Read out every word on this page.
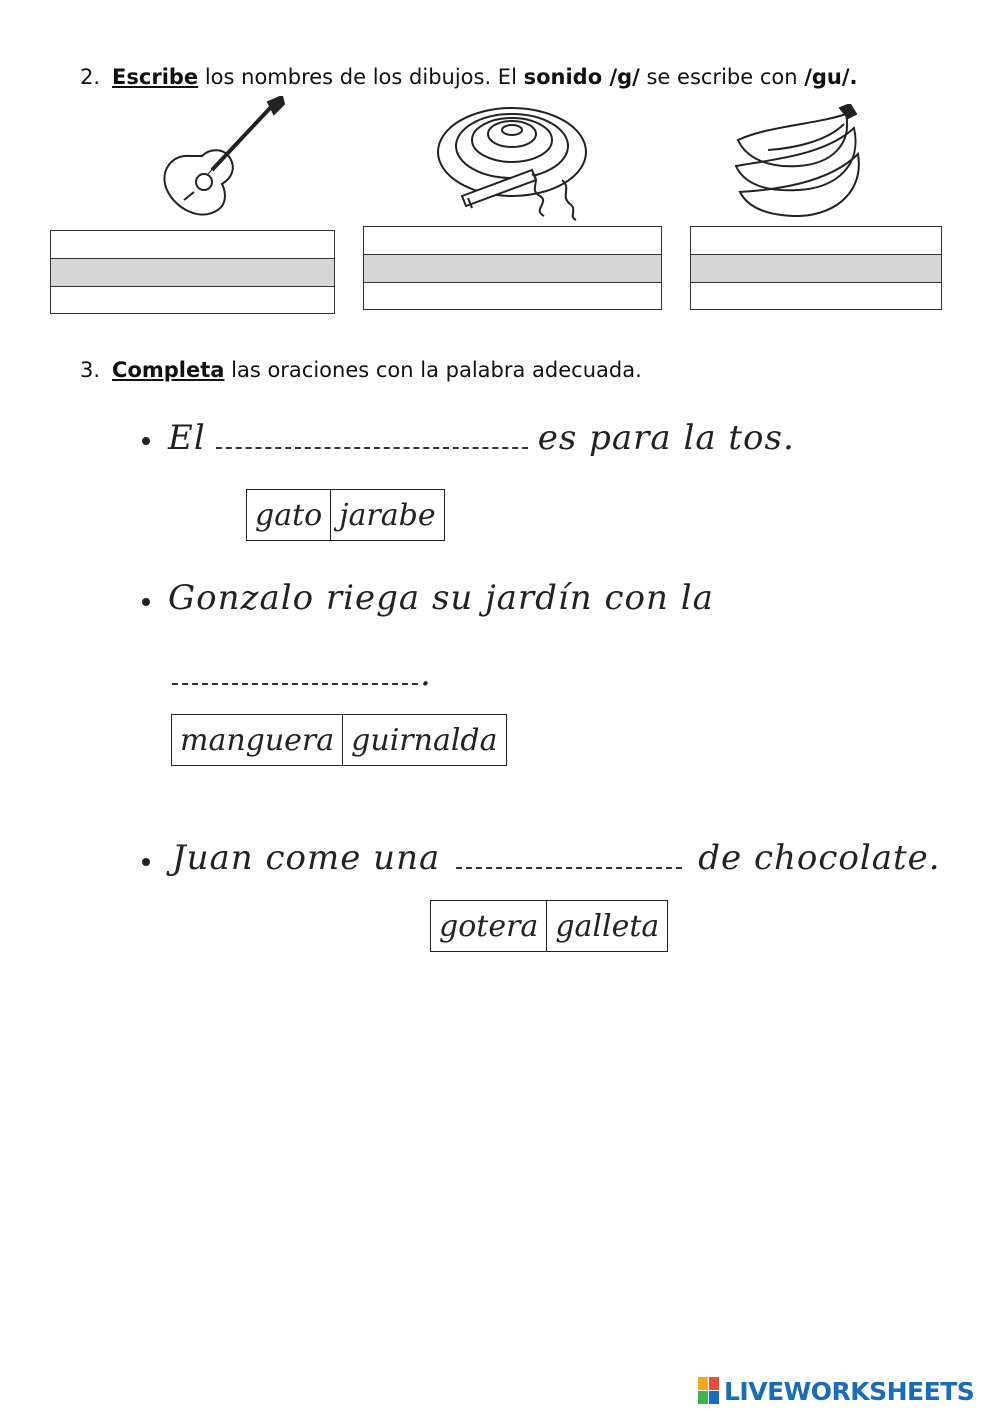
2. Escribe los nombres de los dibujos. El sonido /g/ se escribe con /gu/.
3. Completa las oraciones con la palabra adecuada.
El	es para la tos.
gato jarabe
Gonzalo riega su jardín con la
.
manguera guirnalda
Juan come una	de chocolate.
gotera galleta
LIVEWORKSHEETS
